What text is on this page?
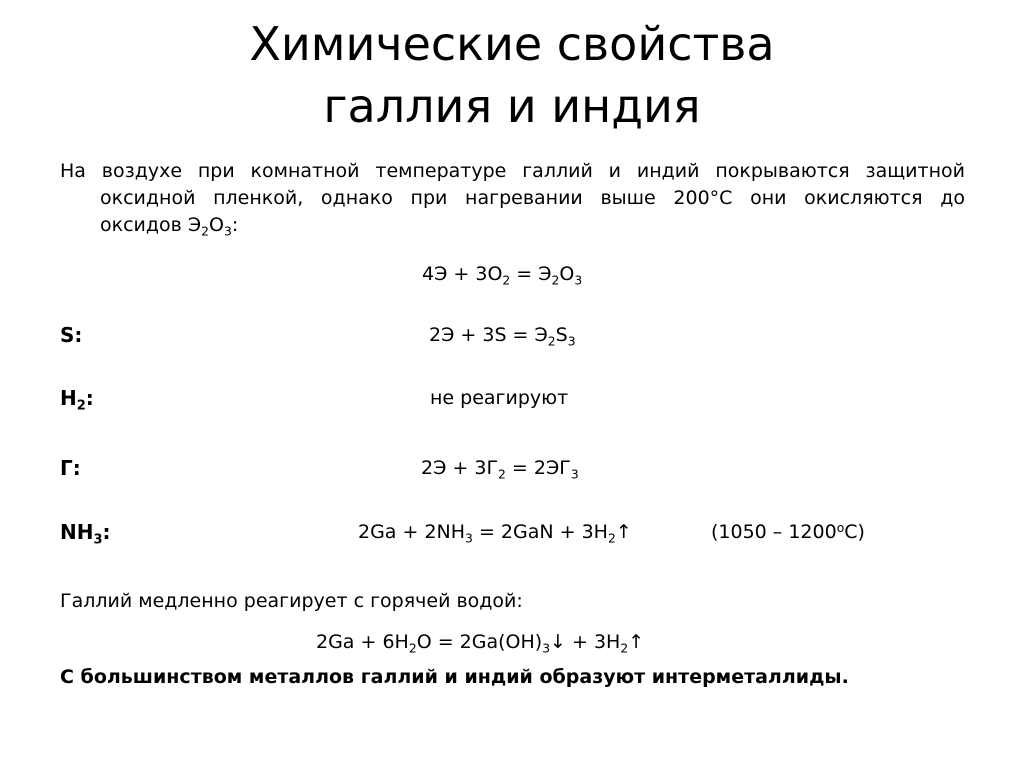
Химические свойства
галлия и индия
На воздухе при комнатной температуре галлий и индий покрываются защитной
оксидной пленкой, однако при нагревании выше 200°С они окисляются до
оксидов $Э_2О_3$:
$4Э + 3О_2 = Э_2О_3$
S:	$2Э + 3S = Э_2S_3$
$Н_2$:	не реагируют
Г:	$2Э + 3Г_2 = 2ЭГ_3$
$NH_3$:	$2Ga + 2NH_3 = 2GaN$ + $3H_2↑$	(1050 – 1200$^o$С)
Галлий медленно реагирует с горячей водой:
$2Ga + 6H_2O$ = $2Ga(OH)_3↓$ + $3H_2↑$
С большинством металлов галлий и индий образуют интерметаллиды.
